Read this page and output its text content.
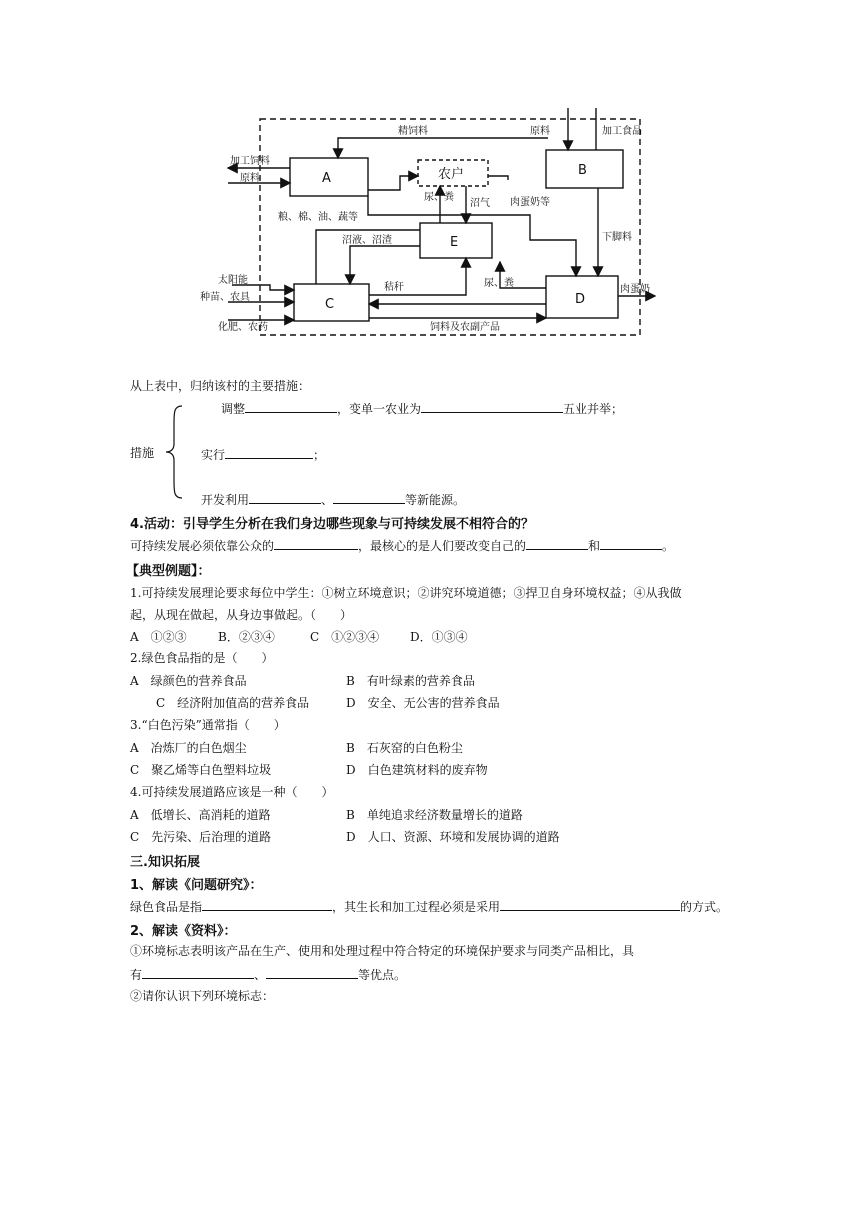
A
B
农户
E
C	D
精饲料	原料	加工食品
加工饲料
原料
粮、棉、油、蔬等
下脚料
肉蛋奶等
尿、粪
沼气
沼液、沼渣
太阳能
种苗、农具
秸秆	尿、粪
饲料及农副产品
化肥、农药
肉蛋奶
从上表中，归纳该村的主要措施：
措施
调整	，变单一农业为	五业并举；
实行	；
开发利用	、	等新能源。
4.活动：引导学生分析在我们身边哪些现象与可持续发展不相符合的？
可持续发展必须依靠公众的	，最核心的是人们要改变自己的	和	。
【典型例题】：
1.可持续发展理论要求每位中学生：①树立环境意识；②讲究环境道德；③捍卫自身环境权益；④从我做
起，从现在做起，从身边事做起。（　　）
A　①②③	B．②③④	C　①②③④	D．①③④
2.绿色食品指的是（　　）
A　绿颜色的营养食品	B　有叶绿素的营养食品
C　经济附加值高的营养食品	D　安全、无公害的营养食品
3.“白色污染”通常指（　　）
A　冶炼厂的白色烟尘	B　石灰窑的白色粉尘
C　聚乙烯等白色塑料垃圾	D　白色建筑材料的废弃物
4.可持续发展道路应该是一种（　　）
A　低增长、高消耗的道路	B　单纯追求经济数量增长的道路
C　先污染、后治理的道路	D　人口、资源、环境和发展协调的道路
三.知识拓展
1、解读《问题研究》：
绿色食品是指	，其生长和加工过程必须是采用	的方式。
2、解读《资料》：
①环境标志表明该产品在生产、使用和处理过程中符合特定的环境保护要求与同类产品相比，具
有	、	等优点。
②请你认识下列环境标志：
